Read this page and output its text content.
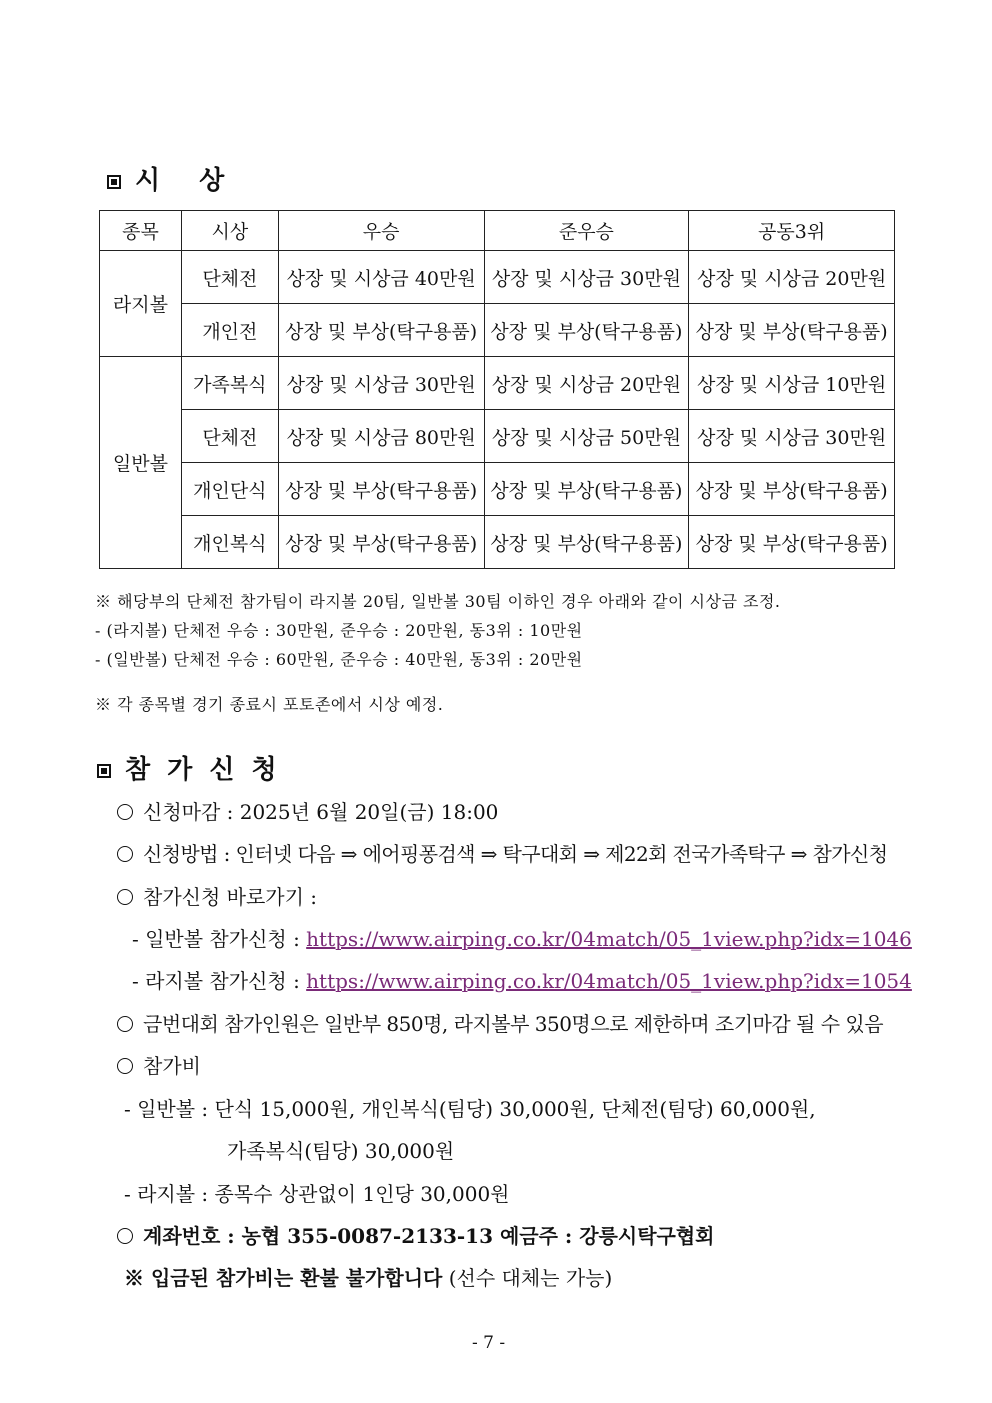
시 상
종목	시상	우승	준우승	공동3위
라지볼	단체전	상장 및 시상금 40만원	상장 및 시상금 30만원	상장 및 시상금 20만원
	개인전	상장 및 부상(탁구용품)	상장 및 부상(탁구용품)	상장 및 부상(탁구용품)
일반볼	가족복식	상장 및 시상금 30만원	상장 및 시상금 20만원	상장 및 시상금 10만원
	단체전	상장 및 시상금 80만원	상장 및 시상금 50만원	상장 및 시상금 30만원
	개인단식	상장 및 부상(탁구용품)	상장 및 부상(탁구용품)	상장 및 부상(탁구용품)
	개인복식	상장 및 부상(탁구용품)	상장 및 부상(탁구용품)	상장 및 부상(탁구용품)
※ 해당부의 단체전 참가팀이 라지볼 20팀, 일반볼 30팀 이하인 경우 아래와 같이 시상금 조정.
- (라지볼) 단체전 우승 : 30만원, 준우승 : 20만원, 동3위 : 10만원
- (일반볼) 단체전 우승 : 60만원, 준우승 : 40만원, 동3위 : 20만원
※ 각 종목별 경기 종료시 포토존에서 시상 예정.
참 가 신 청
신청마감 : 2025년 6월 20일(금) 18:00
신청방법 : 인터넷 다음 ⇒ 에어핑퐁검색 ⇒ 탁구대회 ⇒ 제22회 전국가족탁구 ⇒ 참가신청
참가신청 바로가기 :
- 일반볼 참가신청 : https://www.airping.co.kr/04match/05_1view.php?idx=1046
- 라지볼 참가신청 : https://www.airping.co.kr/04match/05_1view.php?idx=1054
금번대회 참가인원은 일반부 850명, 라지볼부 350명으로 제한하며 조기마감 될 수 있음
참가비
- 일반볼 : 단식 15,000원, 개인복식(팀당) 30,000원, 단체전(팀당) 60,000원,
가족복식(팀당) 30,000원
- 라지볼 : 종목수 상관없이 1인당 30,000원
계좌번호 : 농협 355-0087-2133-13 예금주 : 강릉시탁구협회
※ 입금된 참가비는 환불 불가합니다 (선수 대체는 가능)
- 7 -
